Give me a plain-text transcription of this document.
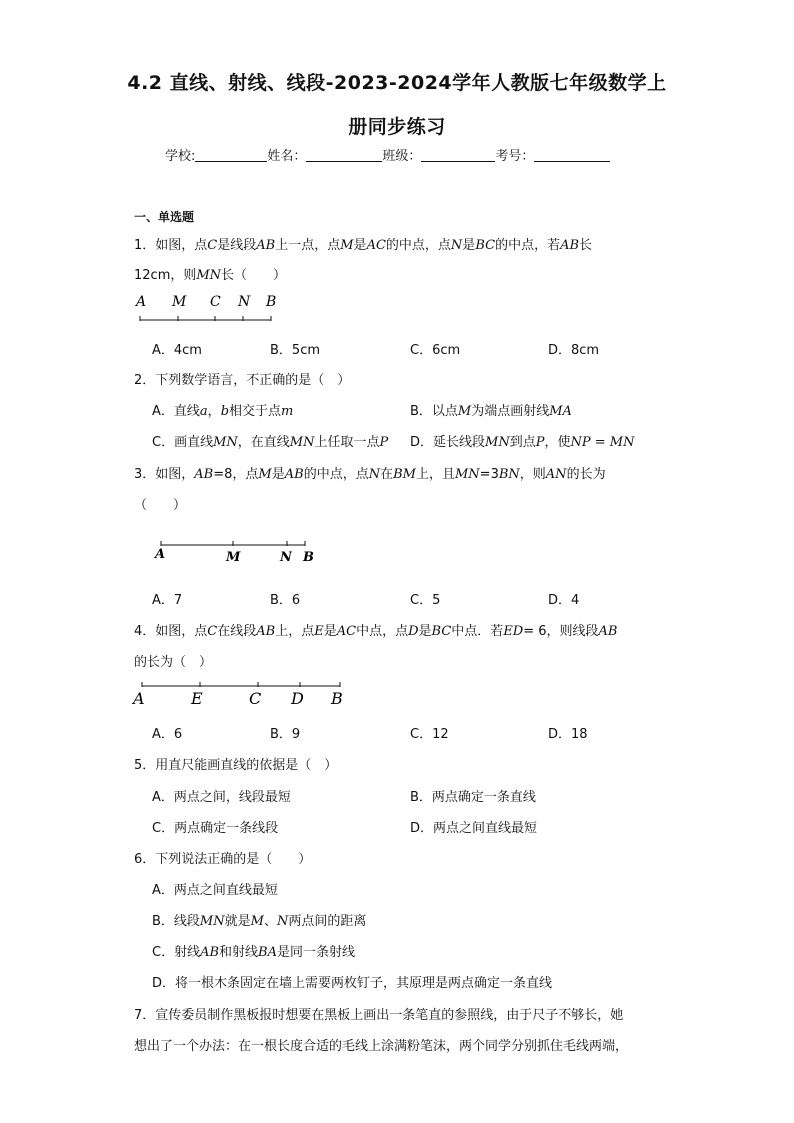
4.2 直线、射线、线段-2023-2024学年人教版七年级数学上
册同步练习
学校:	姓名：	班级：	考号：
一、单选题
1．如图，点C是线段AB上一点，点M是AC的中点，点N是BC的中点，若AB长
12cm，则MN长（　　）
A M C N B
A．4cm	B．5cm	C．6cm	D．8cm
2．下列数学语言，不正确的是（　）
A．直线a，b相交于点m	B．以点M为端点画射线MA
C．画直线MN，在直线MN上任取一点P D．延长线段MN到点P，使NP = MN
3．如图，AB=8，点M是AB的中点，点N在BM上，且MN=3BN，则AN的长为
（　　）
A	M	N B
A．7	B．6	C．5	D．4
4．如图，点C在线段AB上，点E是AC中点，点D是BC中点．若ED= 6，则线段AB
的长为（　）
A	E	C D B
A．6	B．9	C．12	D．18
5．用直尺能画直线的依据是（　）
A．两点之间，线段最短	B．两点确定一条直线
C．两点确定一条线段	D．两点之间直线最短
6．下列说法正确的是（　　）
A．两点之间直线最短
B．线段MN就是M、N两点间的距离
C．射线AB和射线BA是同一条射线
D．将一根木条固定在墙上需要两枚钉子，其原理是两点确定一条直线
7．宣传委员制作黑板报时想要在黑板上画出一条笔直的参照线，由于尺子不够长，她
想出了一个办法：在一根长度合适的毛线上涂满粉笔沫，两个同学分别抓住毛线两端，
